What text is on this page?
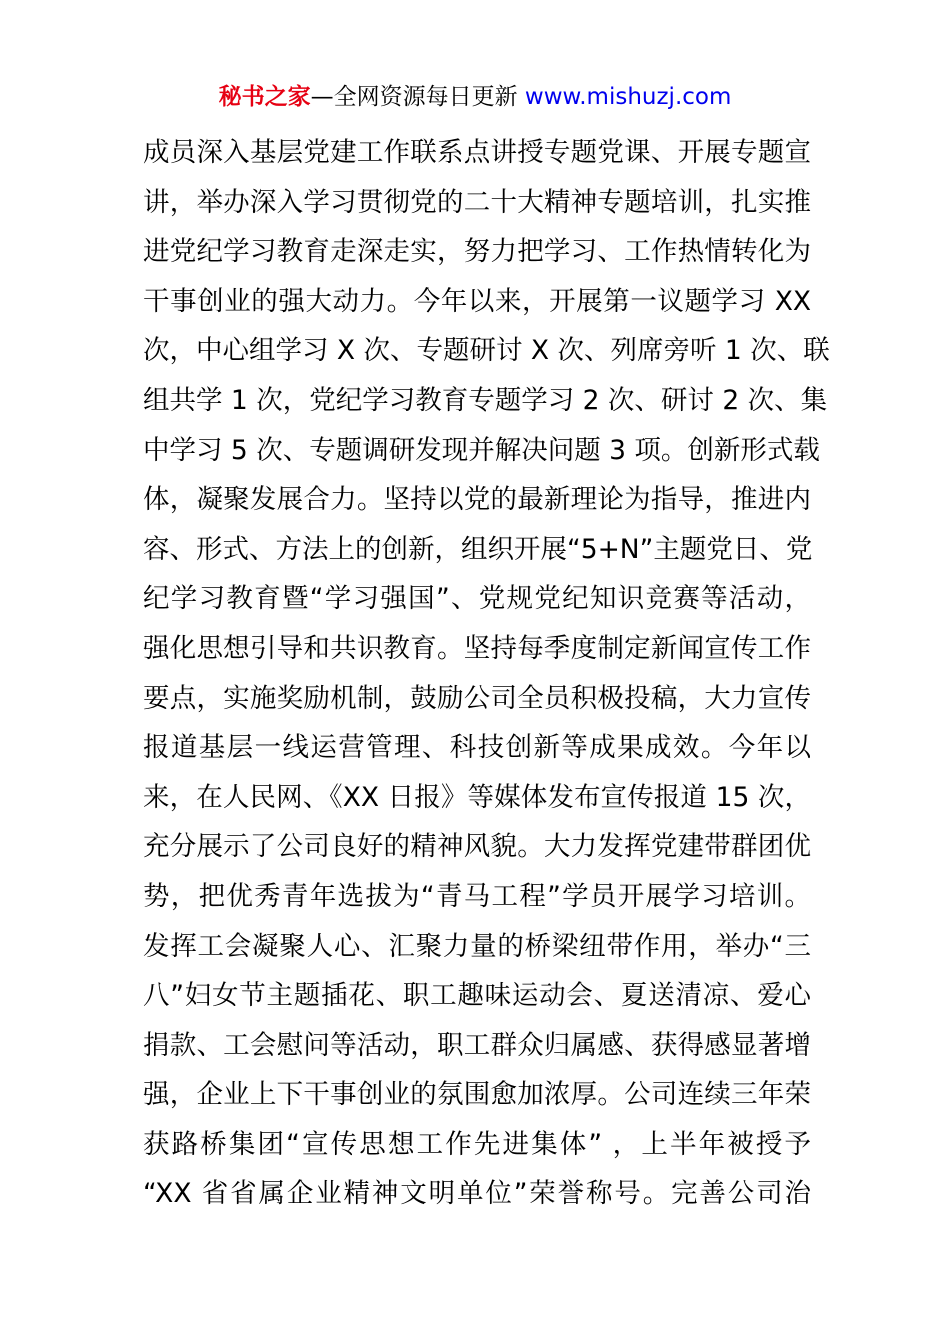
秘书之家—全网资源每日更新 www.mishuzj.com
成员深入基层党建工作联系点讲授专题党课、开展专题宣
讲，举办深入学习贯彻党的二十大精神专题培训，扎实推
进党纪学习教育走深走实，努力把学习、工作热情转化为
干事创业的强大动力。今年以来，开展第一议题学习 XX
次，中心组学习 X 次、专题研讨 X 次、列席旁听 1 次、联
组共学 1 次，党纪学习教育专题学习 2 次、研讨 2 次、集
中学习 5 次、专题调研发现并解决问题 3 项。创新形式载
体，凝聚发展合力。坚持以党的最新理论为指导，推进内
容、形式、方法上的创新，组织开展“5+N”主题党日、党
纪学习教育暨“学习强国”、党规党纪知识竞赛等活动，
强化思想引导和共识教育。坚持每季度制定新闻宣传工作
要点，实施奖励机制，鼓励公司全员积极投稿，大力宣传
报道基层一线运营管理、科技创新等成果成效。今年以
来，在人民网、《XX 日报》等媒体发布宣传报道 15 次，
充分展示了公司良好的精神风貌。大力发挥党建带群团优
势，把优秀青年选拔为“青马工程”学员开展学习培训。
发挥工会凝聚人心、汇聚力量的桥梁纽带作用，举办“三
八”妇女节主题插花、职工趣味运动会、夏送清凉、爱心
捐款、工会慰问等活动，职工群众归属感、获得感显著增
强，企业上下干事创业的氛围愈加浓厚。公司连续三年荣
获路桥集团“宣传思想工作先进集体” ，上半年被授予
“XX 省省属企业精神文明单位”荣誉称号。完善公司治
